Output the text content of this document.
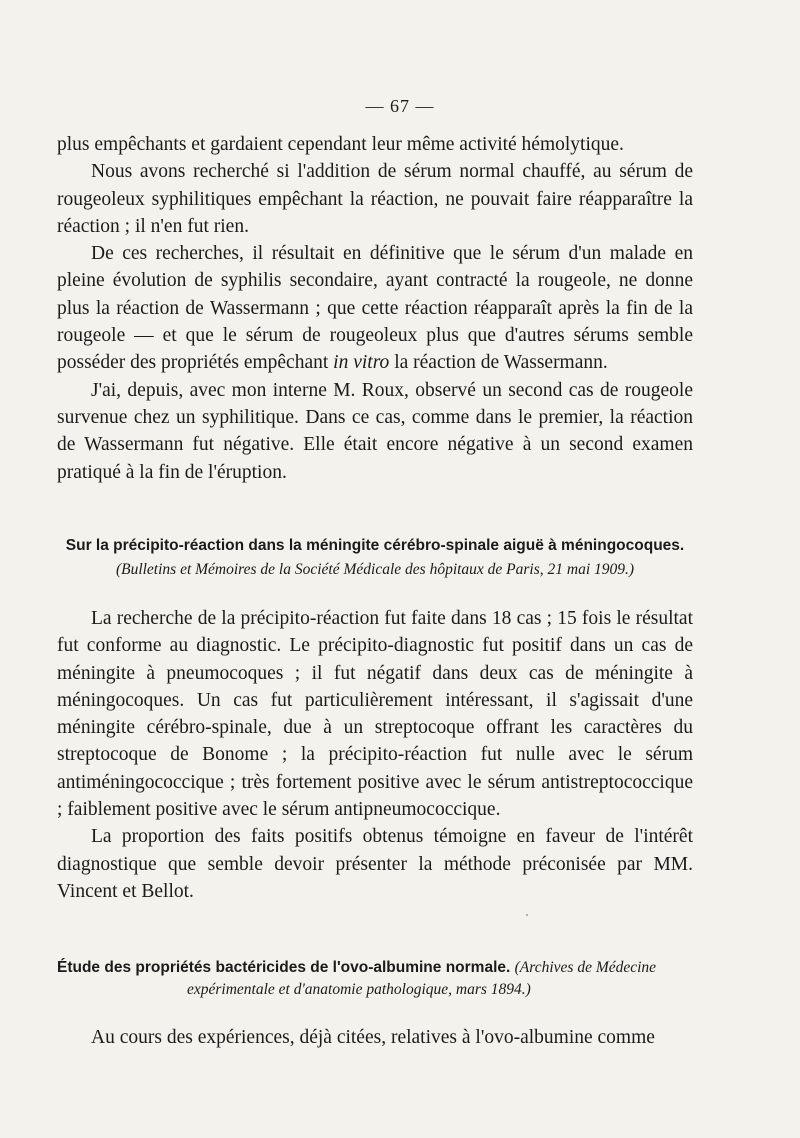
— 67 —

plus empêchants et gardaient cependant leur même activité hémolytique.

Nous avons recherché si l'addition de sérum normal chauffé, au sérum de rougeoleux syphilitiques empêchant la réaction, ne pouvait faire réapparaître la réaction ; il n'en fut rien.

De ces recherches, il résultait en définitive que le sérum d'un malade en pleine évolution de syphilis secondaire, ayant contracté la rougeole, ne donne plus la réaction de Wassermann ; que cette réaction réapparaît après la fin de la rougeole — et que le sérum de rougeoleux plus que d'autres sérums semble posséder des propriétés empêchant in vitro la réaction de Wassermann.

J'ai, depuis, avec mon interne M. Roux, observé un second cas de rougeole survenue chez un syphilitique. Dans ce cas, comme dans le premier, la réaction de Wassermann fut négative. Elle était encore négative à un second examen pratiqué à la fin de l'éruption.

Sur la précipito-réaction dans la méningite cérébro-spinale aiguë à méningocoques.
(Bulletins et Mémoires de la Société Médicale des hôpitaux de Paris, 21 mai 1909.)

La recherche de la précipito-réaction fut faite dans 18 cas ; 15 fois le résultat fut conforme au diagnostic. Le précipito-diagnostic fut positif dans un cas de méningite à pneumocoques ; il fut négatif dans deux cas de méningite à méningocoques. Un cas fut particulièrement intéressant, il s'agissait d'une méningite cérébro-spinale, due à un streptocoque offrant les caractères du streptocoque de Bonome ; la précipito-réaction fut nulle avec le sérum antiméningococcique ; très fortement positive avec le sérum antistreptococcique ; faiblement positive avec le sérum antipneumococcique.

La proportion des faits positifs obtenus témoigne en faveur de l'intérêt diagnostique que semble devoir présenter la méthode préconisée par MM. Vincent et Bellot.

Étude des propriétés bactéricides de l'ovo-albumine normale. (Archives de Médecine
expérimentale et d'anatomie pathologique, mars 1894.)

Au cours des expériences, déjà citées, relatives à l'ovo-albumine comme
